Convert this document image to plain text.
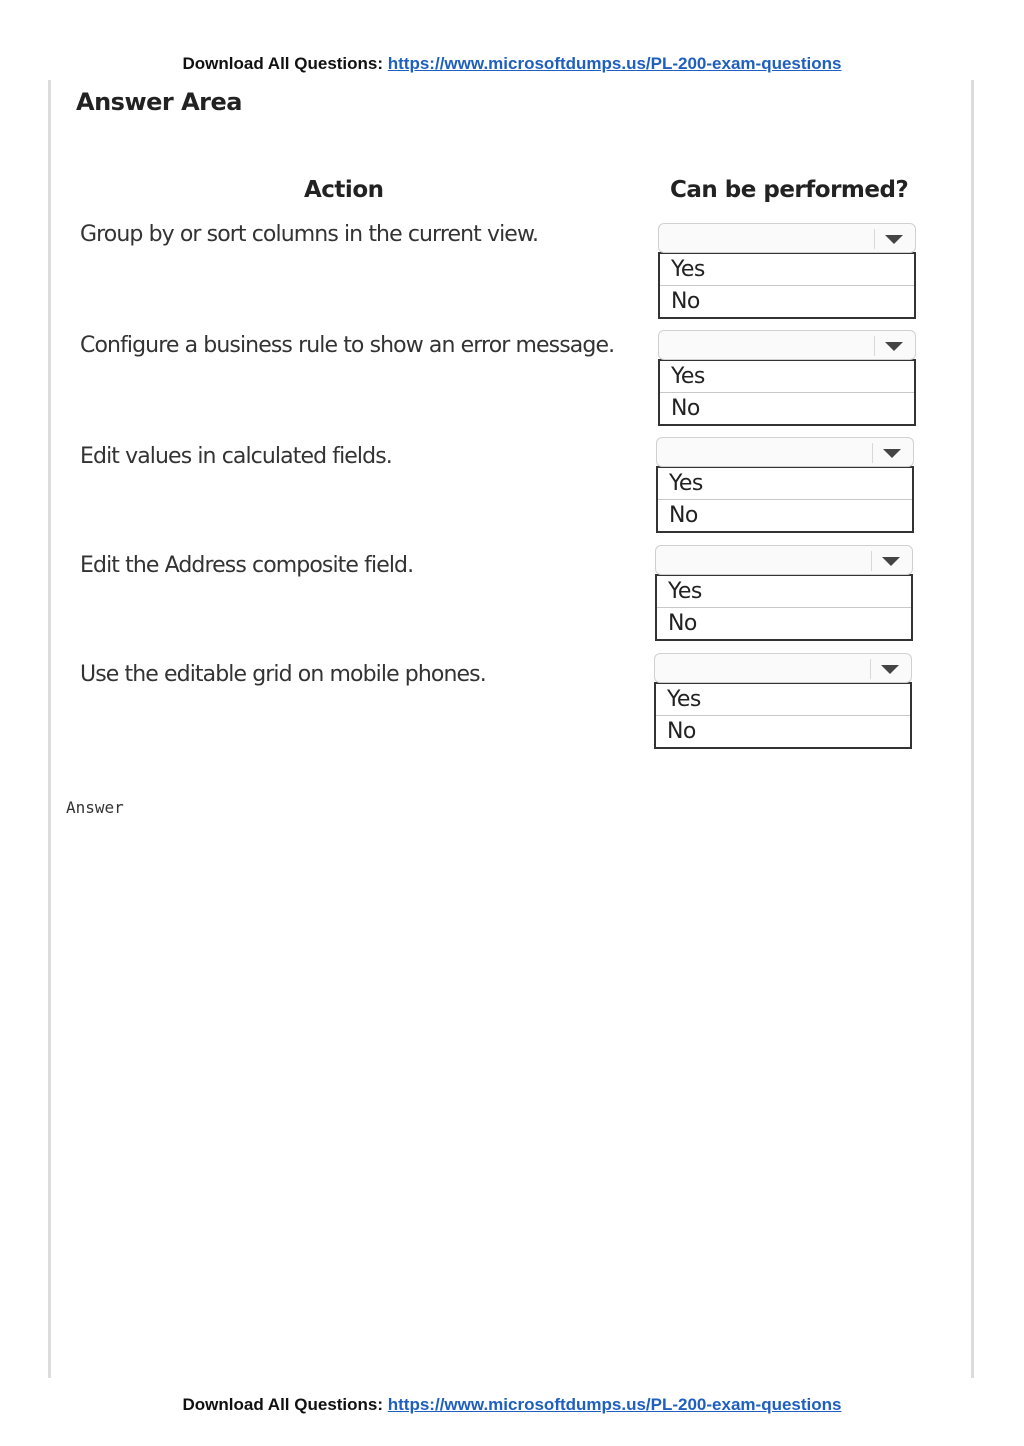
Download All Questions: https://www.microsoftdumps.us/PL-200-exam-questions
Answer Area
Action	Can be performed?
Group by or sort columns in the current view.
Yes
No
Configure a business rule to show an error message.
Yes
No
Edit values in calculated fields.
Yes
No
Edit the Address composite field.
Yes
No
Use the editable grid on mobile phones.
Yes
No
Answer
Download All Questions: https://www.microsoftdumps.us/PL-200-exam-questions
